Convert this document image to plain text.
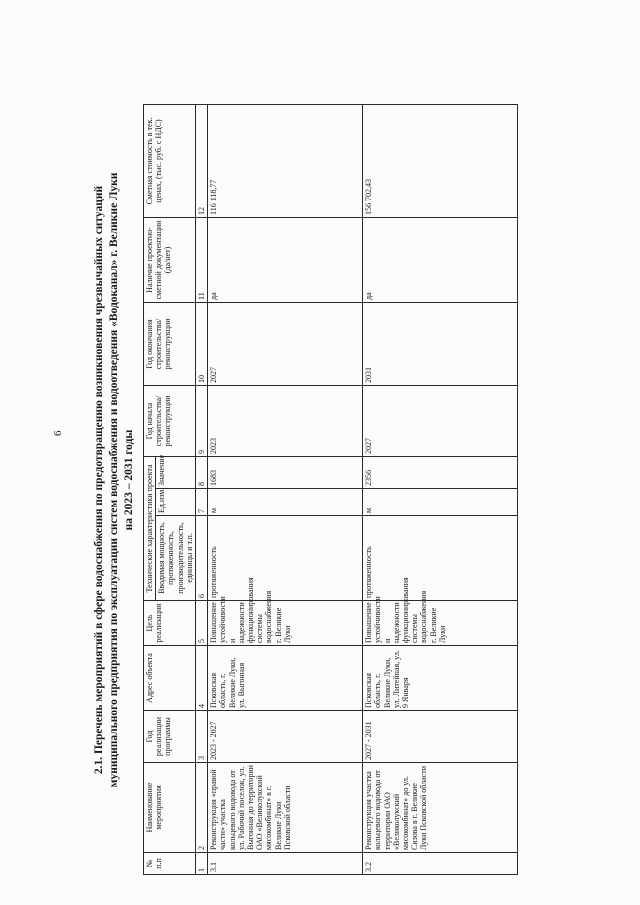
6	2.1. Перечень мероприятий в сфере водоснабжения по предотвращению возникновения чрезвычайных ситуаций муниципального предприятия по эксплуатации систем водоснабжения и водоотведения «Водоканал» г. Великие Луки на 2023 – 2031 годы
№ п.п	Наименование мероприятия	Год реализации программы	Адрес объекта	Цель реализации	Технические характеристики проекта			Год начала строительства/ реконструкции	Год окончания строительства/реконструкции	Наличие проектно-сметной документации (да/нет)	Сметная стоимость в тек. ценах, (тыс. руб. с НДС)
					Вводимая мощность, протяженность, производительность, единицы и т.п.	Ед.изм.	Значение				
1	2	3	4	5	6	7	8	9	10	11	12
3.1	Реконструкция «правой части» участка кольцевого водовода от ул. Рабочий поселок, ул. Выгонная до территории ОАО «Великолукский мясокомбинат» в г. Великие Луки Псковской области	2023 - 2027	Псковская область, г. Великие Луки, ул. Выгонная	Повышение устойчивости и надежности функционирования системы водоснабжения г. Великие Луки	протяженность	м	1683	2023	2027	да	116 118,77
3.2	Реконструкция участка кольцевого водовода от территории ОАО «Великолукский мясокомбинат» до ул. Сизова в г. Великие Луки Псковской области	2027 - 2031	Псковская область, г. Великие Луки, ул. Литейная, ул. 9 Января	Повышение устойчивости и надежности функционирования системы водоснабжения г. Великие Луки	протяженность	м	2356	2027	2031	да	156 702,43
